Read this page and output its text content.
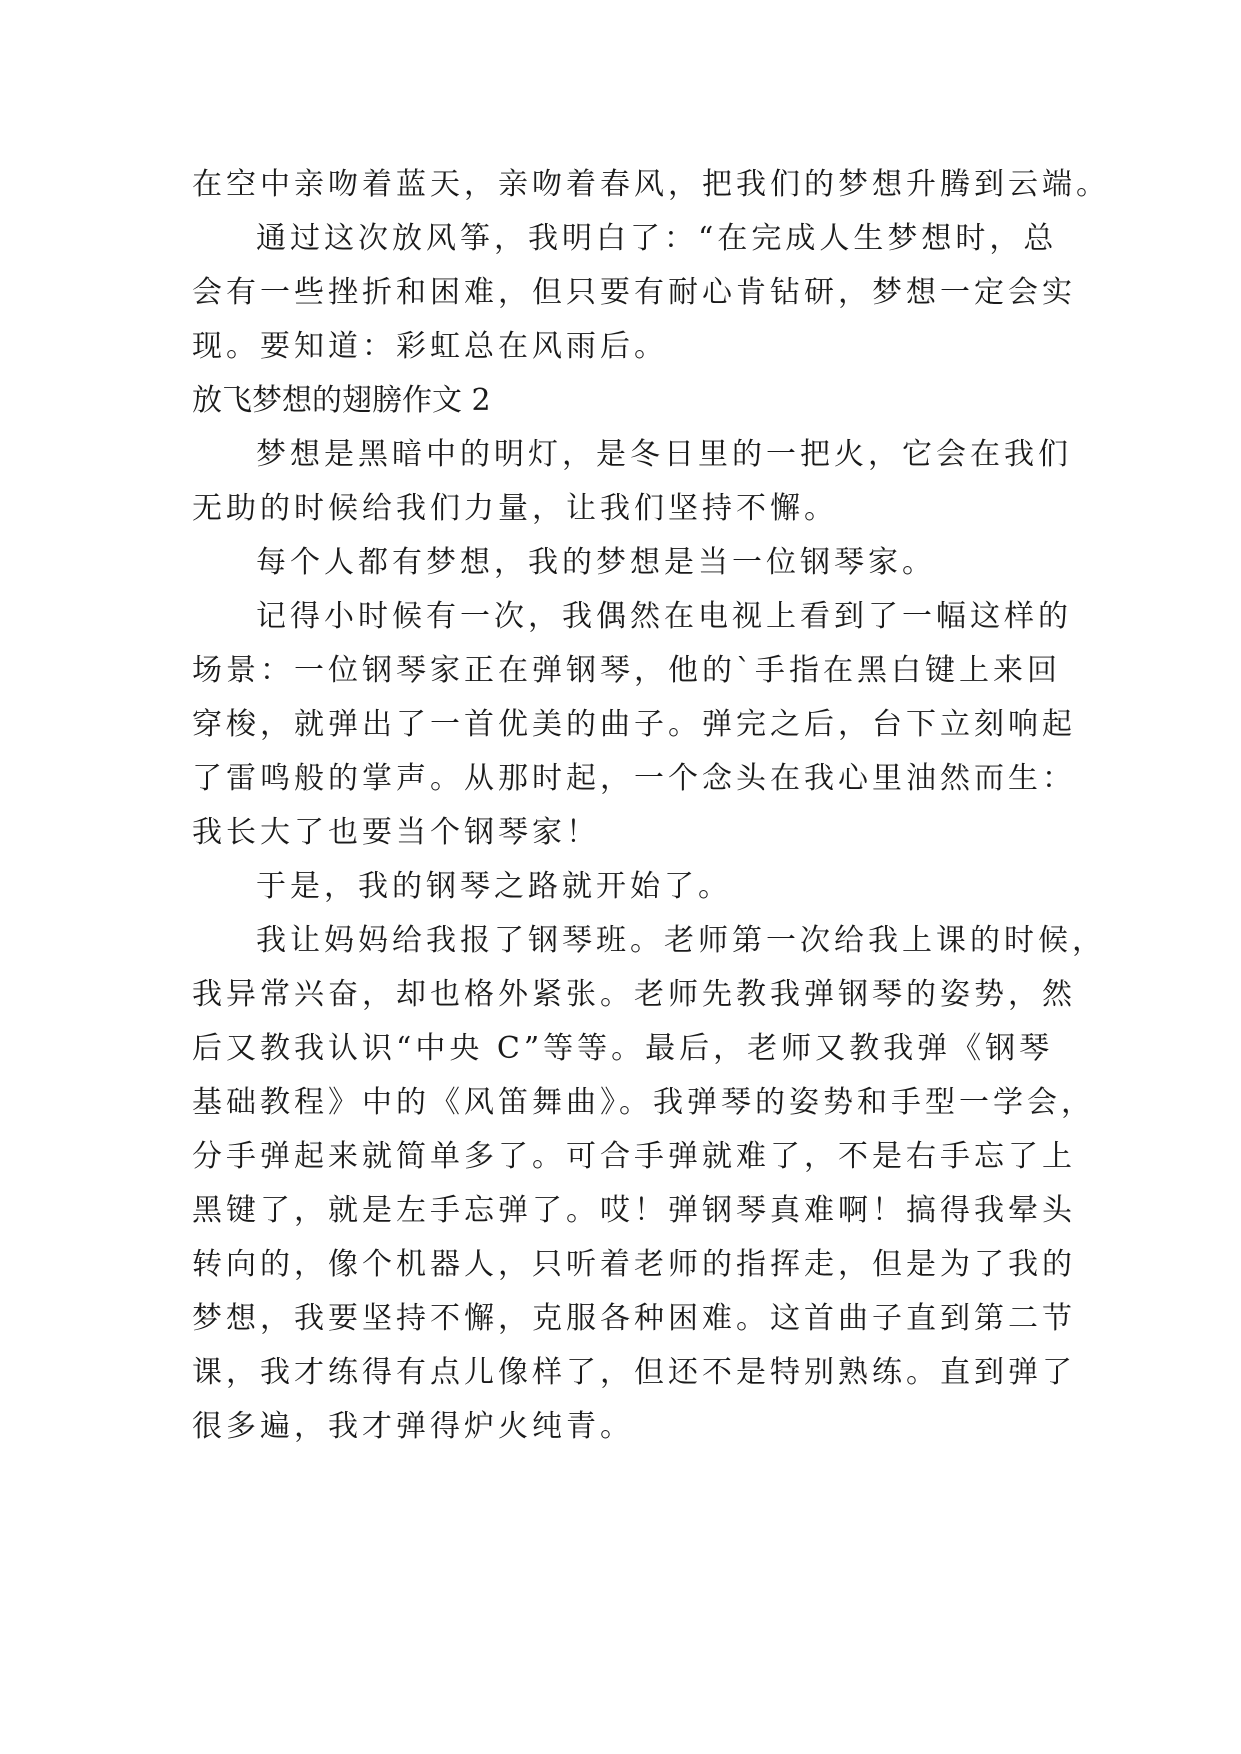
在空中亲吻着蓝天，亲吻着春风，把我们的梦想升腾到云端。
通过这次放风筝，我明白了：“在完成人生梦想时，总
会有一些挫折和困难，但只要有耐心肯钻研，梦想一定会实
现。要知道：彩虹总在风雨后。
放飞梦想的翅膀作文 2
梦想是黑暗中的明灯，是冬日里的一把火，它会在我们
无助的时候给我们力量，让我们坚持不懈。
每个人都有梦想，我的梦想是当一位钢琴家。
记得小时候有一次，我偶然在电视上看到了一幅这样的
场景：一位钢琴家正在弹钢琴，他的`手指在黑白键上来回
穿梭，就弹出了一首优美的曲子。弹完之后，台下立刻响起
了雷鸣般的掌声。从那时起，一个念头在我心里油然而生：
我长大了也要当个钢琴家！
于是，我的钢琴之路就开始了。
我让妈妈给我报了钢琴班。老师第一次给我上课的时候，
我异常兴奋，却也格外紧张。老师先教我弹钢琴的姿势，然
后又教我认识“中央 C”等等。最后，老师又教我弹《钢琴
基础教程》中的《风笛舞曲》。我弹琴的姿势和手型一学会，
分手弹起来就简单多了。可合手弹就难了，不是右手忘了上
黑键了，就是左手忘弹了。哎！弹钢琴真难啊！搞得我晕头
转向的，像个机器人，只听着老师的指挥走，但是为了我的
梦想，我要坚持不懈，克服各种困难。这首曲子直到第二节
课，我才练得有点儿像样了，但还不是特别熟练。直到弹了
很多遍，我才弹得炉火纯青。
